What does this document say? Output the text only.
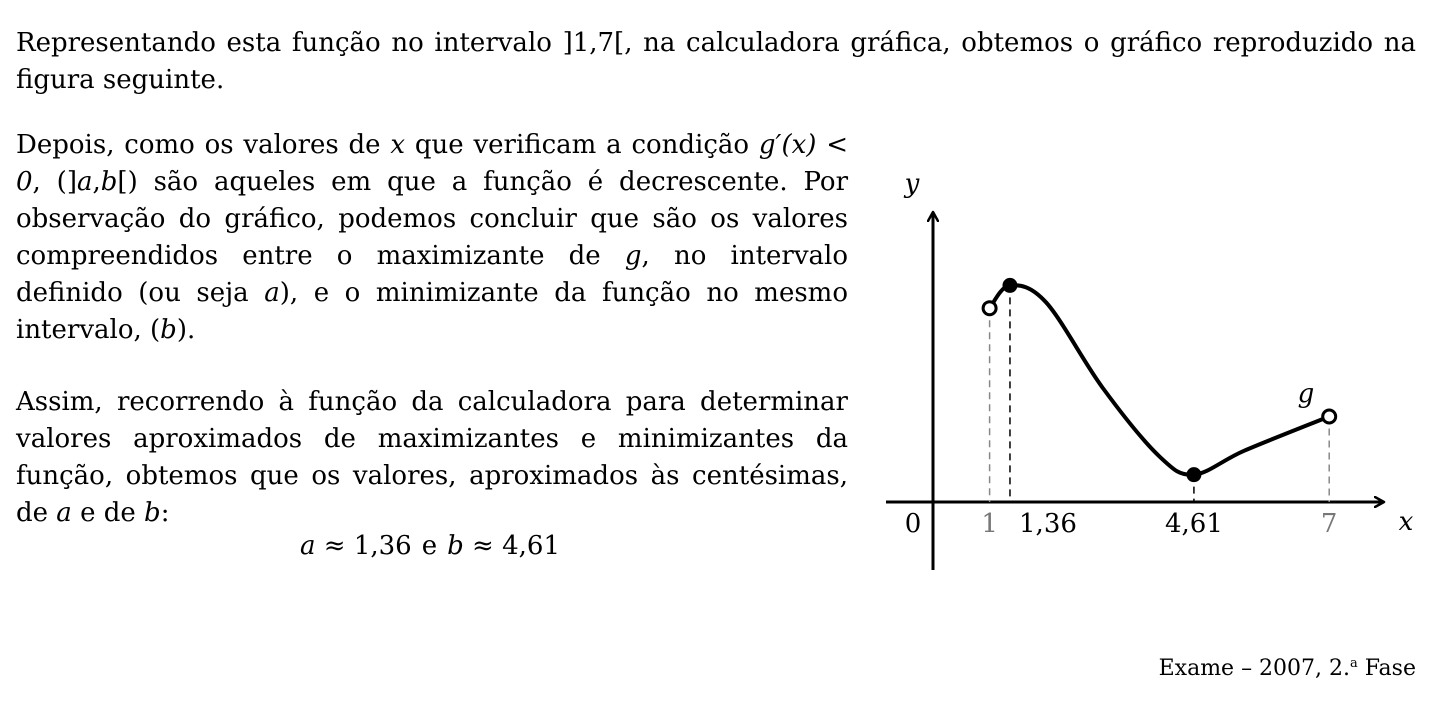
Representando esta função no intervalo ]1,7[, na calculadora gráfica, obtemos o gráfico reproduzido na figura seguinte.

Depois, como os valores de x que verificam a condição g′(x) < 0, (]a,b[) são aqueles em que a função é decrescente. Por observação do gráfico, podemos concluir que são os valores compreendidos entre o maximizante de g, no intervalo definido (ou seja a), e o minimizante da função no mesmo intervalo, (b).

Assim, recorrendo à função da calculadora para determinar valores aproximados de maximizantes e minimizantes da função, obtemos que os valores, aproximados às centésimas, de a e de b:

a ≈ 1,36 e b ≈ 4,61
y
x
0 1 1,36	4,61	7
g
Exame – 2007, 2.$^a$ Fase
